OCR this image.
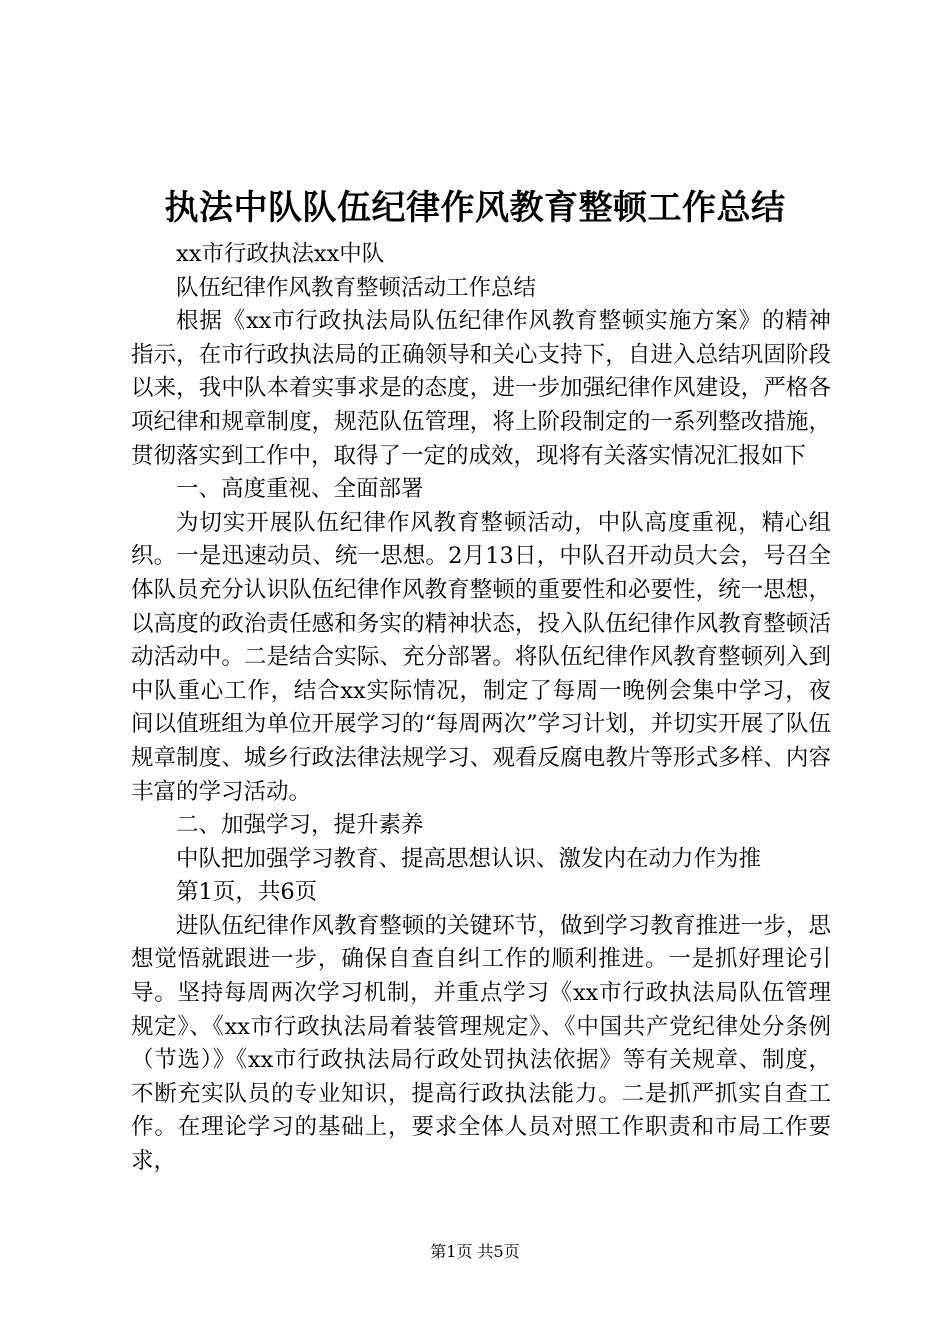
执法中队队伍纪律作风教育整顿工作总结

xx市行政执法xx中队

队伍纪律作风教育整顿活动工作总结

根据《xx市行政执法局队伍纪律作风教育整顿实施方案》的精神指示，在市行政执法局的正确领导和关心支持下，自进入总结巩固阶段以来，我中队本着实事求是的态度，进一步加强纪律作风建设，严格各项纪律和规章制度，规范队伍管理，将上阶段制定的一系列整改措施，贯彻落实到工作中，取得了一定的成效，现将有关落实情况汇报如下

一、高度重视、全面部署

为切实开展队伍纪律作风教育整顿活动，中队高度重视，精心组织。一是迅速动员、统一思想。2月13日，中队召开动员大会，号召全体队员充分认识队伍纪律作风教育整顿的重要性和必要性，统一思想，以高度的政治责任感和务实的精神状态，投入队伍纪律作风教育整顿活动活动中。二是结合实际、充分部署。将队伍纪律作风教育整顿列入到中队重心工作，结合xx实际情况，制定了每周一晚例会集中学习，夜间以值班组为单位开展学习的“每周两次”学习计划，并切实开展了队伍规章制度、城乡行政法律法规学习、观看反腐电教片等形式多样、内容丰富的学习活动。

二、加强学习，提升素养

中队把加强学习教育、提高思想认识、激发内在动力作为推

第1页，共6页

进队伍纪律作风教育整顿的关键环节，做到学习教育推进一步，思想觉悟就跟进一步，确保自查自纠工作的顺利推进。一是抓好理论引导。坚持每周两次学习机制，并重点学习《xx市行政执法局队伍管理规定》、《xx市行政执法局着装管理规定》、《中国共产党纪律处分条例（节选）》《xx市行政执法局行政处罚执法依据》等有关规章、制度，不断充实队员的专业知识，提高行政执法能力。二是抓严抓实自查工作。在理论学习的基础上，要求全体人员对照工作职责和市局工作要求，

第1页 共5页
